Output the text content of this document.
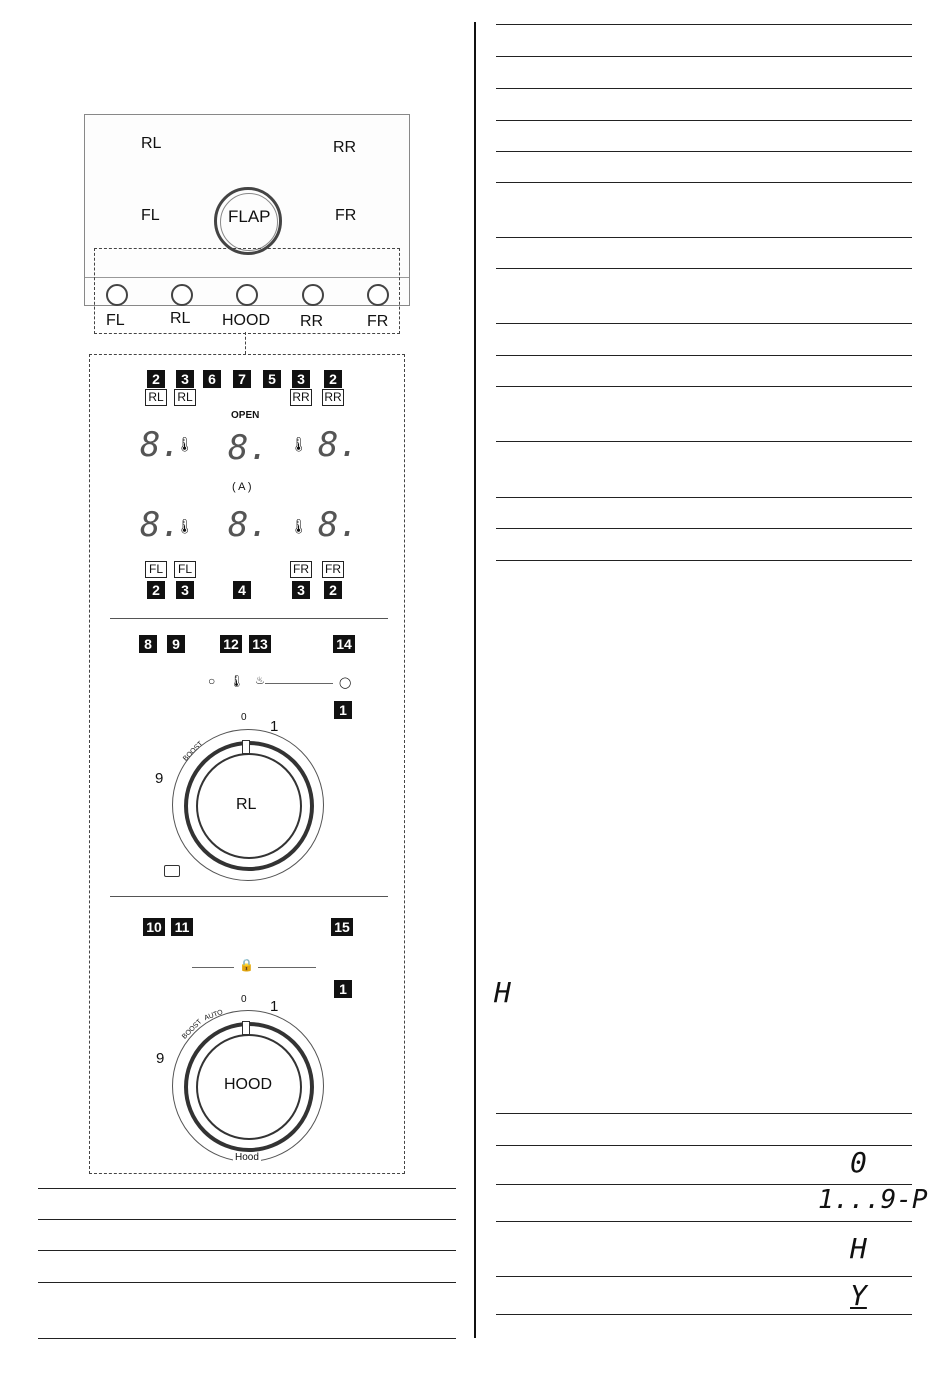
H
0
1...9-P
H
Y
RL	RR
FL	FR
FLAP
FL	RL HOOD RR	FR
2	3	6	7	5	3	2
RL RL	RR RR
OPEN
8.
🌡 8. 🌡 8.
( A )
8.
🌡 8. 🌡 8.
FL	FL	FR FR
2	3	4	3	2
8	9	12 13	14
1
○ 🌡 ♨	◯
0
1
9
BOOST
RL
10 11	15
1
🔒
0 1
9
BOOST
AUTO
HOOD
Hood
